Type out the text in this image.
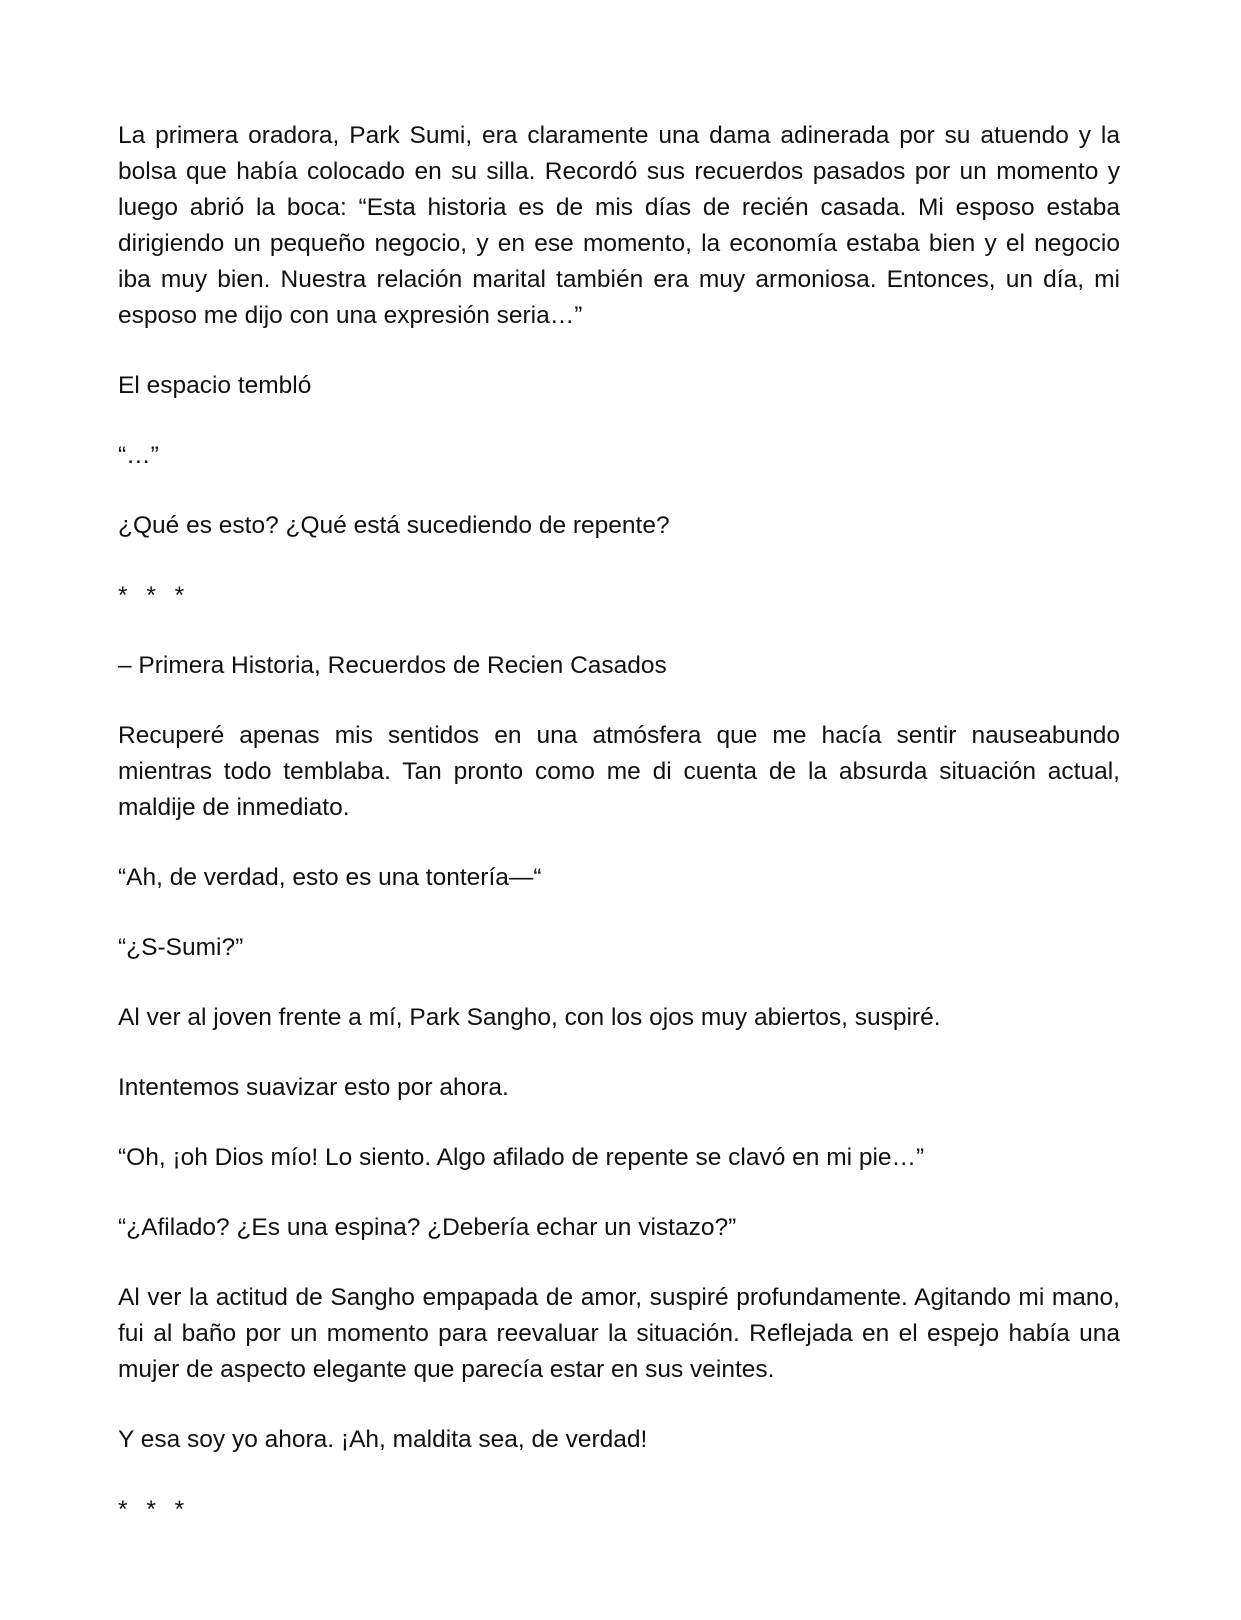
La primera oradora, Park Sumi, era claramente una dama adinerada por su atuendo y la bolsa que había colocado en su silla. Recordó sus recuerdos pasados por un momento y luego abrió la boca: “Esta historia es de mis días de recién casada. Mi esposo estaba dirigiendo un pequeño negocio, y en ese momento, la economía estaba bien y el negocio iba muy bien. Nuestra relación marital también era muy armoniosa. Entonces, un día, mi esposo me dijo con una expresión seria…”

El espacio tembló

“…”

¿Qué es esto? ¿Qué está sucediendo de repente?

* * *

– Primera Historia, Recuerdos de Recien Casados

Recuperé apenas mis sentidos en una atmósfera que me hacía sentir nauseabundo mientras todo temblaba. Tan pronto como me di cuenta de la absurda situación actual, maldije de inmediato.

“Ah, de verdad, esto es una tontería—“

“¿S-Sumi?”

Al ver al joven frente a mí, Park Sangho, con los ojos muy abiertos, suspiré.

Intentemos suavizar esto por ahora.

“Oh, ¡oh Dios mío! Lo siento. Algo afilado de repente se clavó en mi pie…”

“¿Afilado? ¿Es una espina? ¿Debería echar un vistazo?”

Al ver la actitud de Sangho empapada de amor, suspiré profundamente. Agitando mi mano, fui al baño por un momento para reevaluar la situación. Reflejada en el espejo había una mujer de aspecto elegante que parecía estar en sus veintes.

Y esa soy yo ahora. ¡Ah, maldita sea, de verdad!

* * *
